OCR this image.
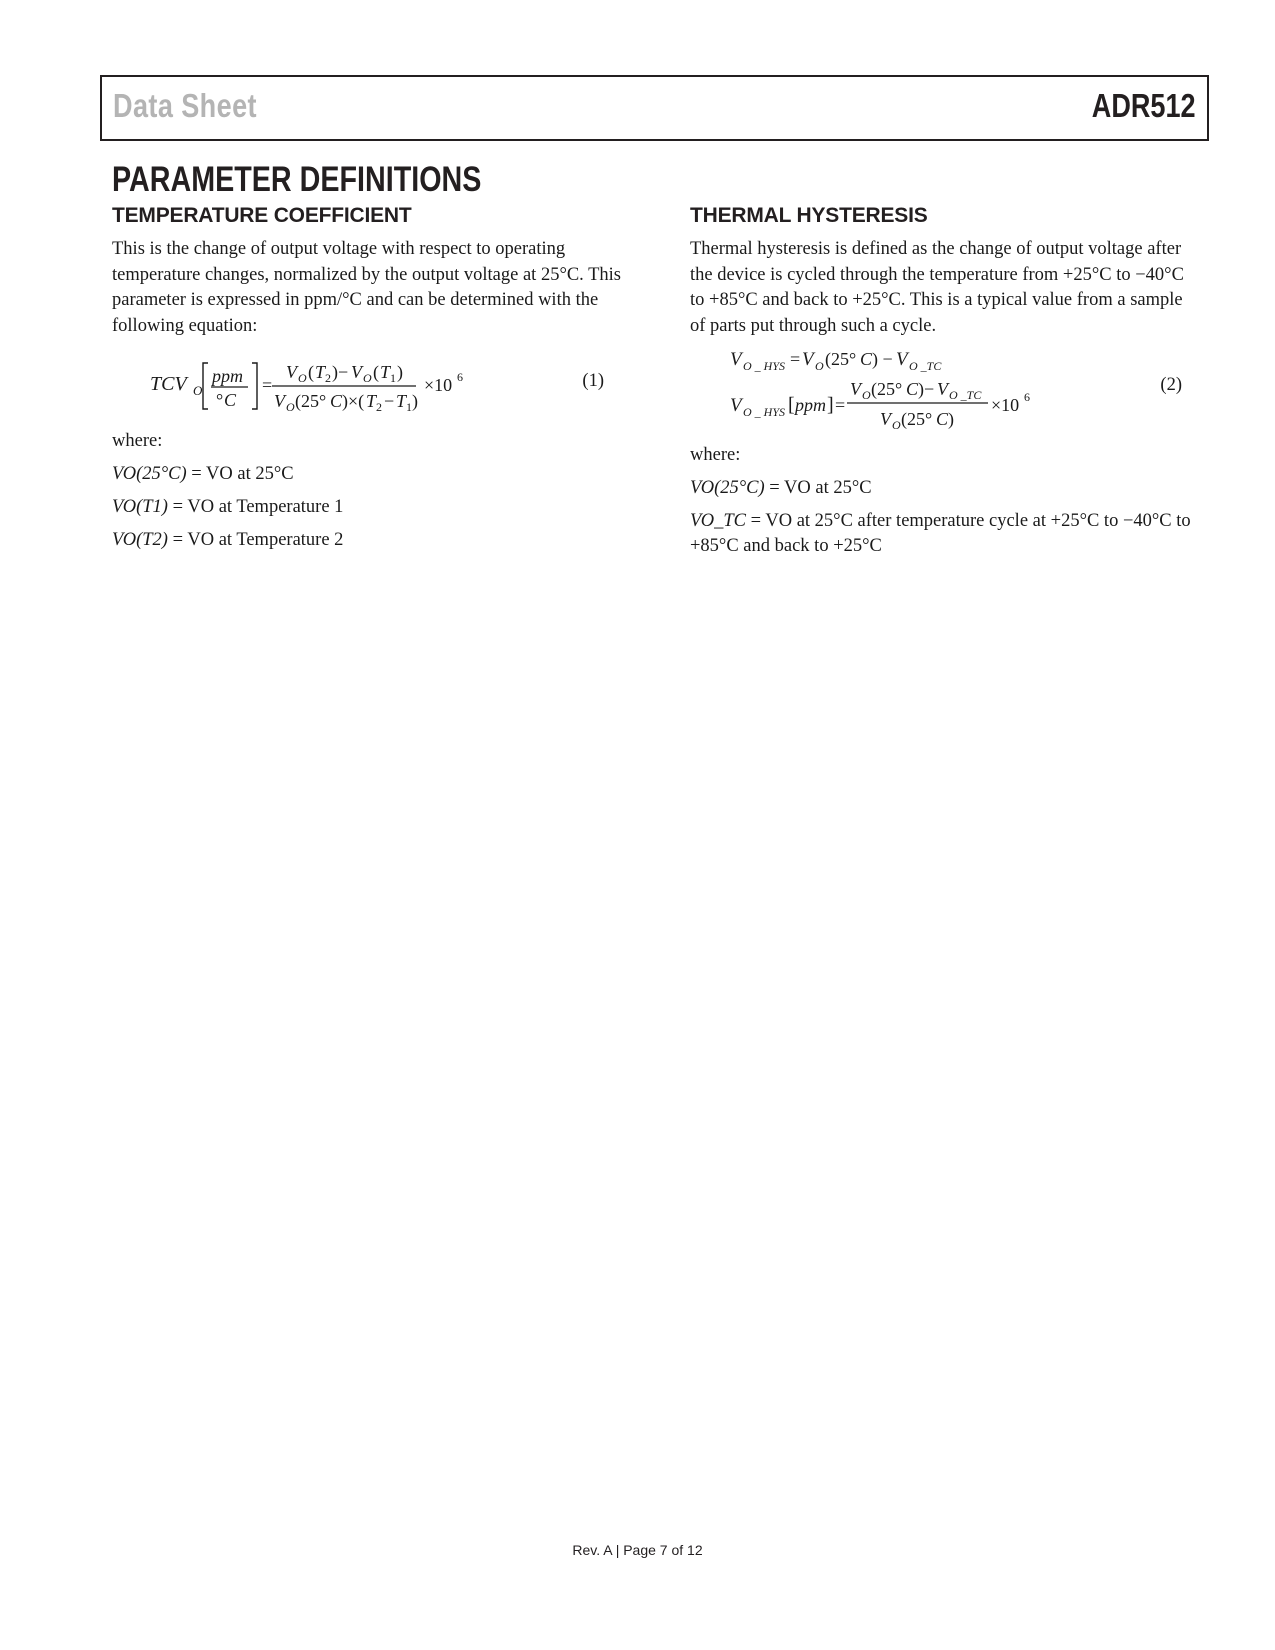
Data Sheet	ADR512
PARAMETER DEFINITIONS
TEMPERATURE COEFFICIENT

This is the change of output voltage with respect to operating temperature changes, normalized by the output voltage at 25°C. This parameter is expressed in ppm/°C and can be determined with the following equation:

TCV O
ppm
° C
=
V O ( T 2 )− V O ( T 1 )
V O (25° C )×( T 2 − T 1 )
×10 6	(1)
where:
VO(25°C) = VO at 25°C
VO(T1) = VO at Temperature 1
VO(T2) = VO at Temperature 2
THERMAL HYSTERESIS

Thermal hysteresis is defined as the change of output voltage after the device is cycled through the temperature from +25°C to −40°C to +85°C and back to +25°C. This is a typical value from a sample of parts put through such a cycle.

V O _ HYS = V O (25° C ) − V O _TC
V O _ HYS [ ppm ] =
V O (25° C )− V O _TC
V O (25° C )
×10 6
(2)
where:
VO(25°C) = VO at 25°C
VO_TC = VO at 25°C after temperature cycle at +25°C to −40°C to +85°C and back to +25°C
Rev. A | Page 7 of 12
